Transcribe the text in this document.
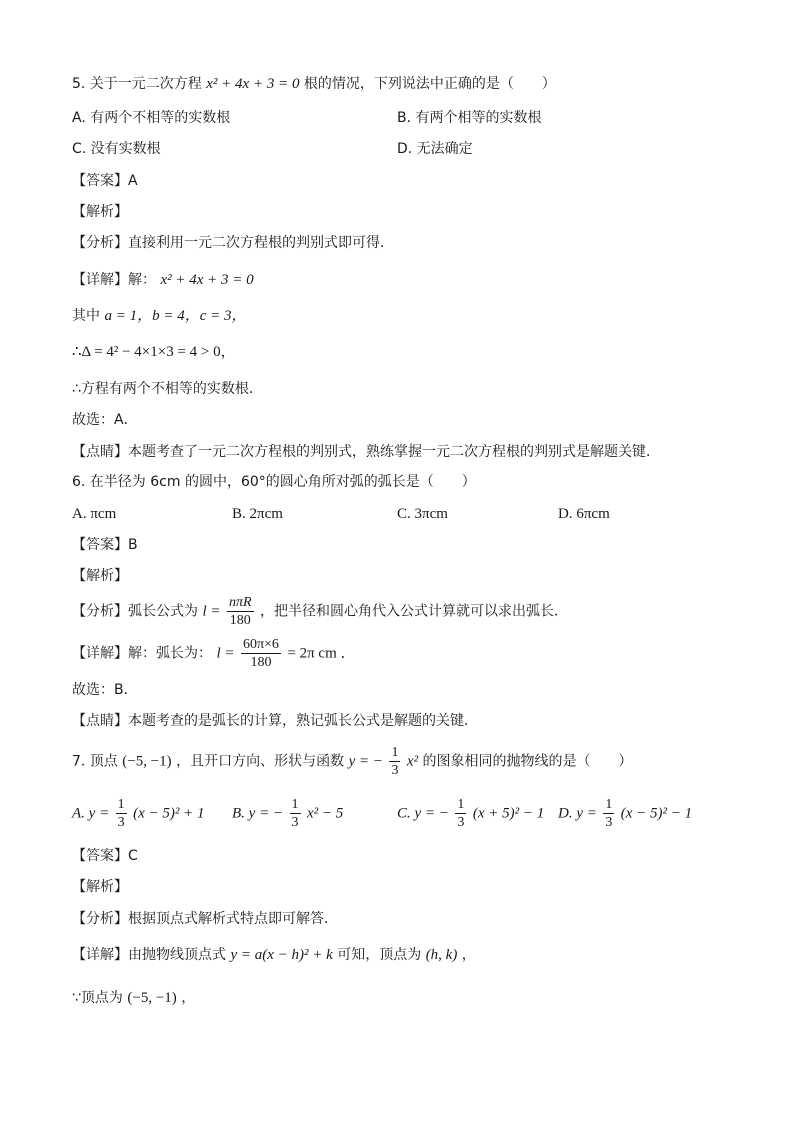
5. 关于一元二次方程 x² + 4x + 3 = 0 根的情况，下列说法中正确的是（　　）
A. 有两个不相等的实数根	B. 有两个相等的实数根
C. 没有实数根	D. 无法确定
【答案】A
【解析】
【分析】直接利用一元二次方程根的判别式即可得．
【详解】解： x² + 4x + 3 = 0
其中 a = 1，b = 4，c = 3，
∴Δ = 4² − 4×1×3 = 4 > 0，
∴方程有两个不相等的实数根．
故选：A．
【点睛】本题考查了一元二次方程根的判别式，熟练掌握一元二次方程根的判别式是解题关键．
6. 在半径为 6cm 的圆中，60°的圆心角所对弧的弧长是（　　）
A. πcm	B. 2πcm	C. 3πcm	D. 6πcm
【答案】B
【解析】
【分析】弧长公式为 $l = \frac{\text{nπR}}{180}$ ，把半径和圆心角代入公式计算就可以求出弧长．
【详解】解：弧长为： $l = \frac{60\pi\times 6}{180} = 2\pi$ cm ．
故选：B．
【点睛】本题考查的是弧长的计算，熟记弧长公式是解题的关键．
7. 顶点 (−5, −1) ，且开口方向、形状与函数 y = − $\frac{1}{3} x^2$ 的图象相同的抛物线的是（　　）
A. $y = \frac{1}{3} (x - 5)^2 + 1$ B. y = − $\frac{1}{3} x^2 - 5$	C. y = − $\frac{1}{3} (x + 5)^2 - 1$ D. $y = \frac{1}{3} (x - 5)^2 - 1$
【答案】C
【解析】
【分析】根据顶点式解析式特点即可解答．
【详解】由抛物线顶点式 y = a(x − h)² + k 可知，顶点为 (h, k) ，
∵顶点为 (−5, −1) ，
